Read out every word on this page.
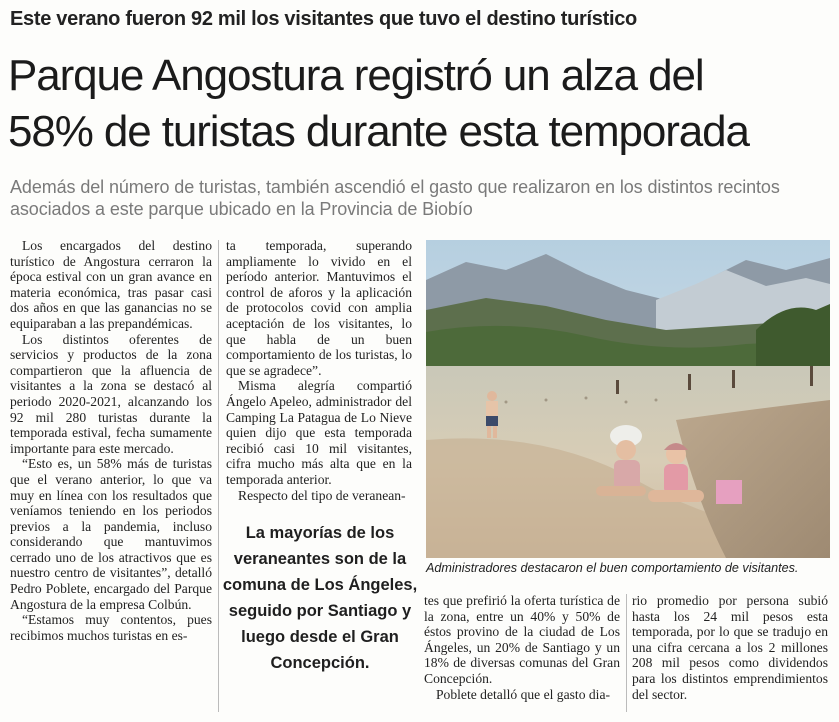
Este verano fueron 92 mil los visitantes que tuvo el destino turístico
Parque Angostura registró un alza del
58% de turistas durante esta temporada
Además del número de turistas, también ascendió el gasto que realizaron en los distintos recintos asociados a este parque ubicado en la Provincia de Biobío

Los encargados del destino turístico de Angostura cerraron la época estival con un gran avance en materia económica, tras pasar casi dos años en que las ganancias no se equiparaban a las prepandémicas.

Los distintos oferentes de servicios y productos de la zona compartieron que la afluencia de visitantes a la zona se destacó al periodo 2020-2021, alcanzando los 92 mil 280 turistas durante la temporada estival, fecha sumamente importante para este mercado.

“Esto es, un 58% más de turistas que el verano anterior, lo que va muy en línea con los resultados que veníamos teniendo en los periodos previos a la pandemia, incluso considerando que mantuvimos cerrado uno de los atractivos que es nuestro centro de visitantes”, detalló Pedro Poblete, encargado del Parque Angostura de la empresa Colbún.

“Estamos muy contentos, pues recibimos muchos turistas en es-

ta temporada, superando ampliamente lo vivido en el período anterior. Mantuvimos el control de aforos y la aplicación de protocolos covid con amplia aceptación de los visitantes, lo que habla de un buen comportamiento de los turistas, lo que se agradece”.

Misma alegría compartió Ángelo Apeleo, administrador del Camping La Patagua de Lo Nieve quien dijo que esta temporada recibió casi 10 mil visitantes, cifra mucho más alta que en la temporada anterior.

Respecto del tipo de veranean-

La mayorías de los veraneantes son de la comuna de Los Ángeles, seguido por Santiago y luego desde el Gran Concepción.
Administradores destacaron el buen comportamiento de visitantes.

tes que prefirió la oferta turística de la zona, entre un 40% y 50% de éstos provino de la ciudad de Los Ángeles, un 20% de Santiago y un 18% de diversas comunas del Gran Concepción.

Poblete detalló que el gasto dia-

rio promedio por persona subió hasta los 24 mil pesos esta temporada, por lo que se tradujo en una cifra cercana a los 2 millones 208 mil pesos como dividendos para los distintos emprendimientos del sector.
